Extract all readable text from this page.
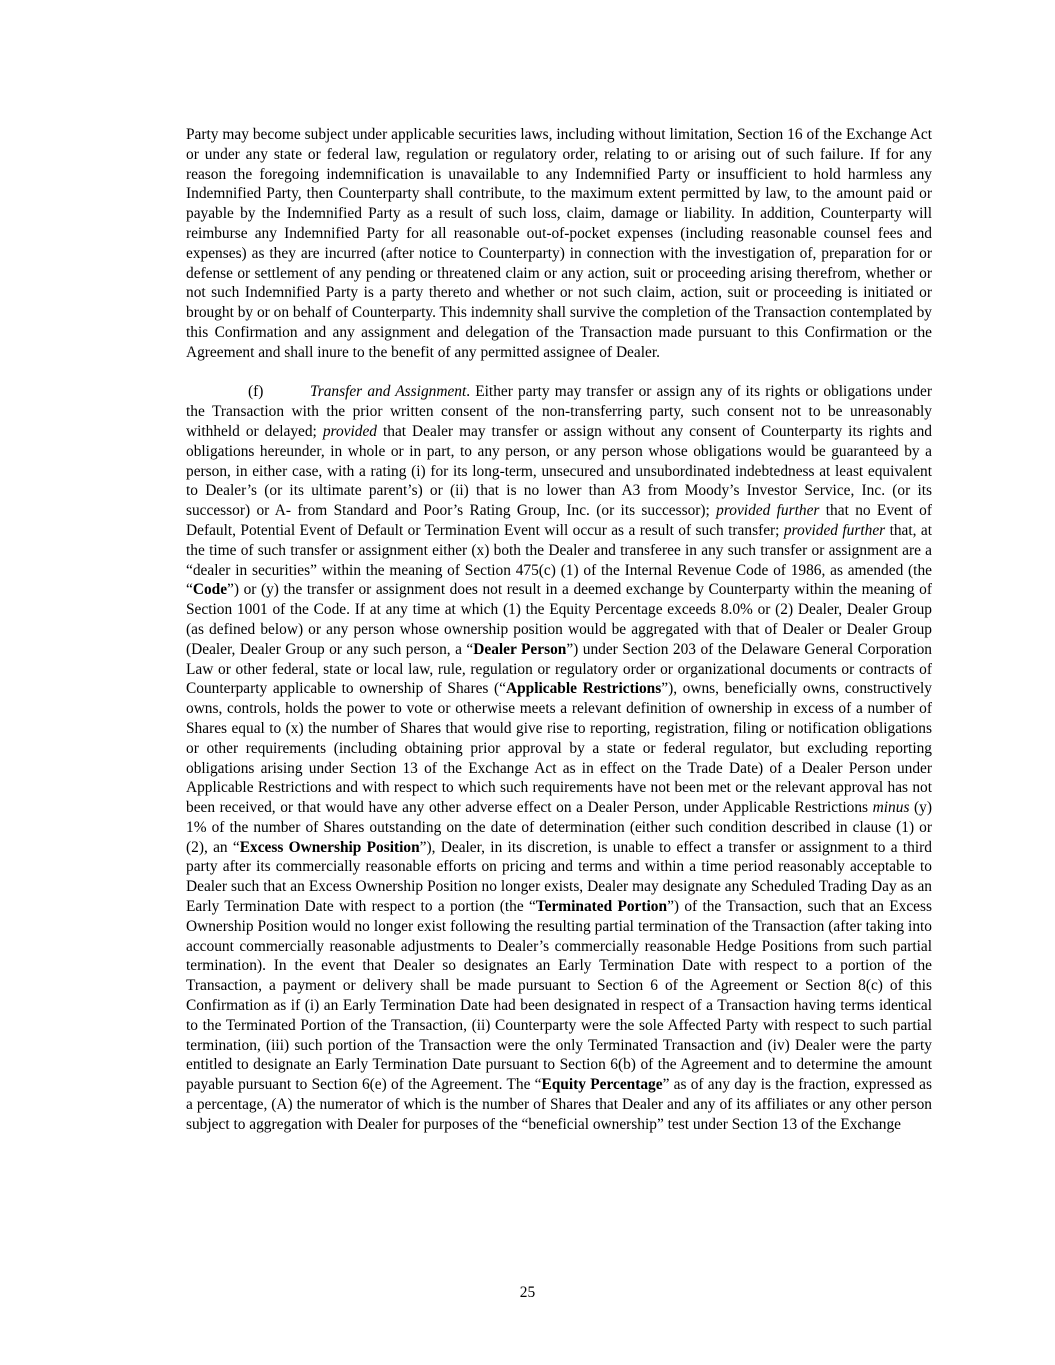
Party may become subject under applicable securities laws, including without limitation, Section 16 of the Exchange Act or under any state or federal law, regulation or regulatory order, relating to or arising out of such failure. If for any reason the foregoing indemnification is unavailable to any Indemnified Party or insufficient to hold harmless any Indemnified Party, then Counterparty shall contribute, to the maximum extent permitted by law, to the amount paid or payable by the Indemnified Party as a result of such loss, claim, damage or liability. In addition, Counterparty will reimburse any Indemnified Party for all reasonable out-of-pocket expenses (including reasonable counsel fees and expenses) as they are incurred (after notice to Counterparty) in connection with the investigation of, preparation for or defense or settlement of any pending or threatened claim or any action, suit or proceeding arising therefrom, whether or not such Indemnified Party is a party thereto and whether or not such claim, action, suit or proceeding is initiated or brought by or on behalf of Counterparty. This indemnity shall survive the completion of the Transaction contemplated by this Confirmation and any assignment and delegation of the Transaction made pursuant to this Confirmation or the Agreement and shall inure to the benefit of any permitted assignee of Dealer.

(f)	Transfer and Assignment. Either party may transfer or assign any of its rights or obligations under the Transaction with the prior written consent of the non-transferring party, such consent not to be unreasonably withheld or delayed; provided that Dealer may transfer or assign without any consent of Counterparty its rights and obligations hereunder, in whole or in part, to any person, or any person whose obligations would be guaranteed by a person, in either case, with a rating (i) for its long-term, unsecured and unsubordinated indebtedness at least equivalent to Dealer’s (or its ultimate parent’s) or (ii) that is no lower than A3 from Moody’s Investor Service, Inc. (or its successor) or A- from Standard and Poor’s Rating Group, Inc. (or its successor); provided further that no Event of Default, Potential Event of Default or Termination Event will occur as a result of such transfer; provided further that, at the time of such transfer or assignment either (x) both the Dealer and transferee in any such transfer or assignment are a “dealer in securities” within the meaning of Section 475(c) (1) of the Internal Revenue Code of 1986, as amended (the “Code”) or (y) the transfer or assignment does not result in a deemed exchange by Counterparty within the meaning of Section 1001 of the Code. If at any time at which (1) the Equity Percentage exceeds 8.0% or (2) Dealer, Dealer Group (as defined below) or any person whose ownership position would be aggregated with that of Dealer or Dealer Group (Dealer, Dealer Group or any such person, a “Dealer Person”) under Section 203 of the Delaware General Corporation Law or other federal, state or local law, rule, regulation or regulatory order or organizational documents or contracts of Counterparty applicable to ownership of Shares (“Applicable Restrictions”), owns, beneficially owns, constructively owns, controls, holds the power to vote or otherwise meets a relevant definition of ownership in excess of a number of Shares equal to (x) the number of Shares that would give rise to reporting, registration, filing or notification obligations or other requirements (including obtaining prior approval by a state or federal regulator, but excluding reporting obligations arising under Section 13 of the Exchange Act as in effect on the Trade Date) of a Dealer Person under Applicable Restrictions and with respect to which such requirements have not been met or the relevant approval has not been received, or that would have any other adverse effect on a Dealer Person, under Applicable Restrictions minus (y) 1% of the number of Shares outstanding on the date of determination (either such condition described in clause (1) or (2), an “Excess Ownership Position”), Dealer, in its discretion, is unable to effect a transfer or assignment to a third party after its commercially reasonable efforts on pricing and terms and within a time period reasonably acceptable to Dealer such that an Excess Ownership Position no longer exists, Dealer may designate any Scheduled Trading Day as an Early Termination Date with respect to a portion (the “Terminated Portion”) of the Transaction, such that an Excess Ownership Position would no longer exist following the resulting partial termination of the Transaction (after taking into account commercially reasonable adjustments to Dealer’s commercially reasonable Hedge Positions from such partial termination). In the event that Dealer so designates an Early Termination Date with respect to a portion of the Transaction, a payment or delivery shall be made pursuant to Section 6 of the Agreement or Section 8(c) of this Confirmation as if (i) an Early Termination Date had been designated in respect of a Transaction having terms identical to the Terminated Portion of the Transaction, (ii) Counterparty were the sole Affected Party with respect to such partial termination, (iii) such portion of the Transaction were the only Terminated Transaction and (iv) Dealer were the party entitled to designate an Early Termination Date pursuant to Section 6(b) of the Agreement and to determine the amount payable pursuant to Section 6(e) of the Agreement. The “Equity Percentage” as of any day is the fraction, expressed as a percentage, (A) the numerator of which is the number of Shares that Dealer and any of its affiliates or any other person subject to aggregation with Dealer for purposes of the “beneficial ownership” test under Section 13 of the Exchange

25
